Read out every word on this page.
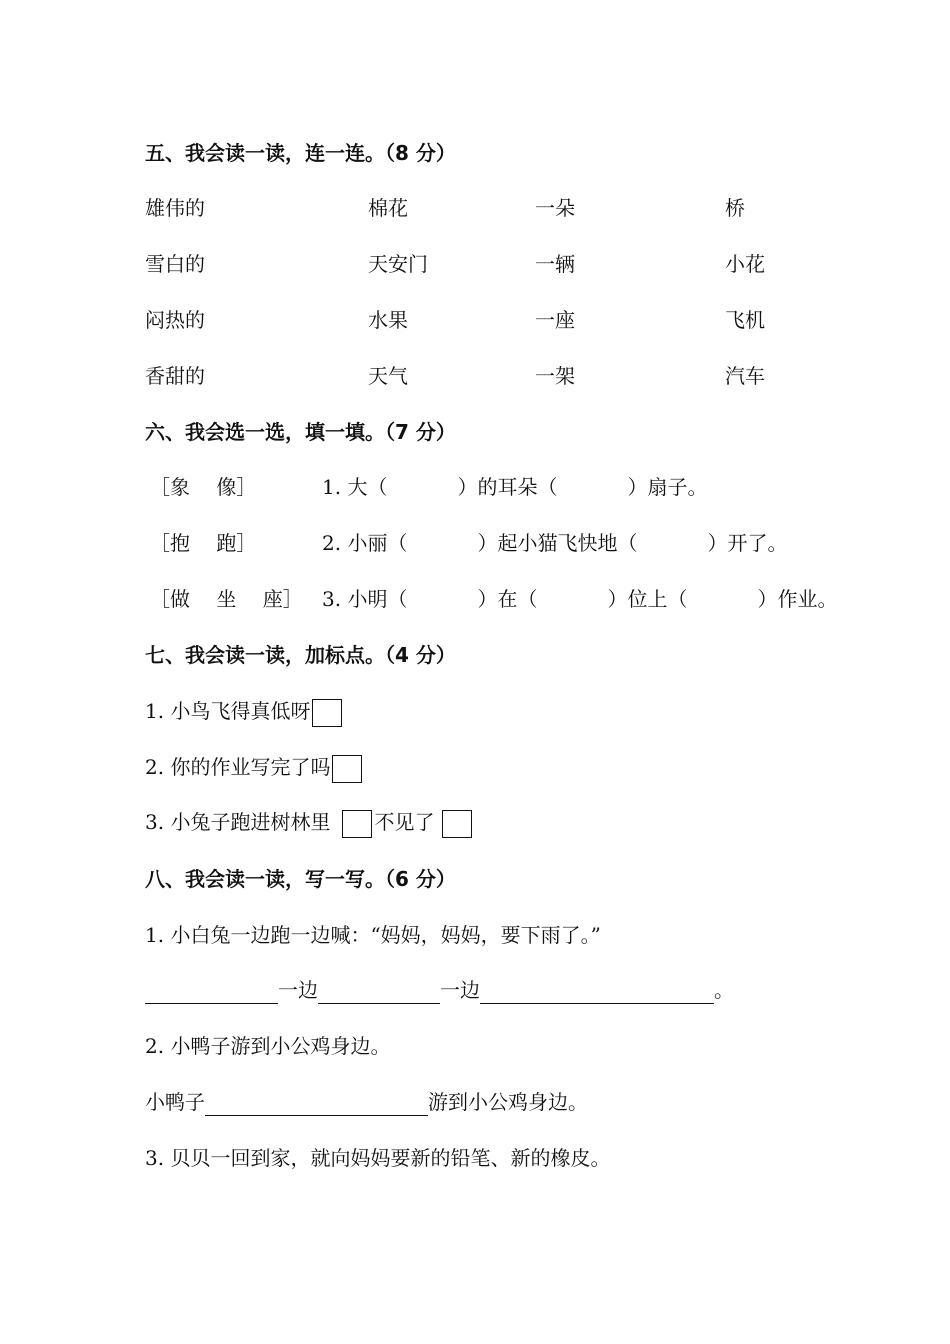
五、我会读一读，连一连。（8 分）
雄伟的	棉花	一朵	桥
雪白的	天安门	一辆	小花
闷热的	水果	一座	飞机
香甜的	天气	一架	汽车
六、我会选一选，填一填。（7 分）
［象　 像］	1. 大（	）的耳朵（	）扇子。
［抱　 跑］	2. 小丽（	）起小猫飞快地（	）开了。
［做　 坐　 座］ 3. 小明（	）在（	）位上（	）作业。
七、我会读一读，加标点。（4 分）
1. 小鸟飞得真低呀
2. 你的作业写完了吗
3. 小兔子跑进树林里 不见了
八、我会读一读，写一写。（6 分）
1. 小白兔一边跑一边喊：“妈妈，妈妈，要下雨了。”
一边	一边	。
2. 小鸭子游到小公鸡身边。
小鸭子	游到小公鸡身边。
3. 贝贝一回到家，就向妈妈要新的铅笔、新的橡皮。
